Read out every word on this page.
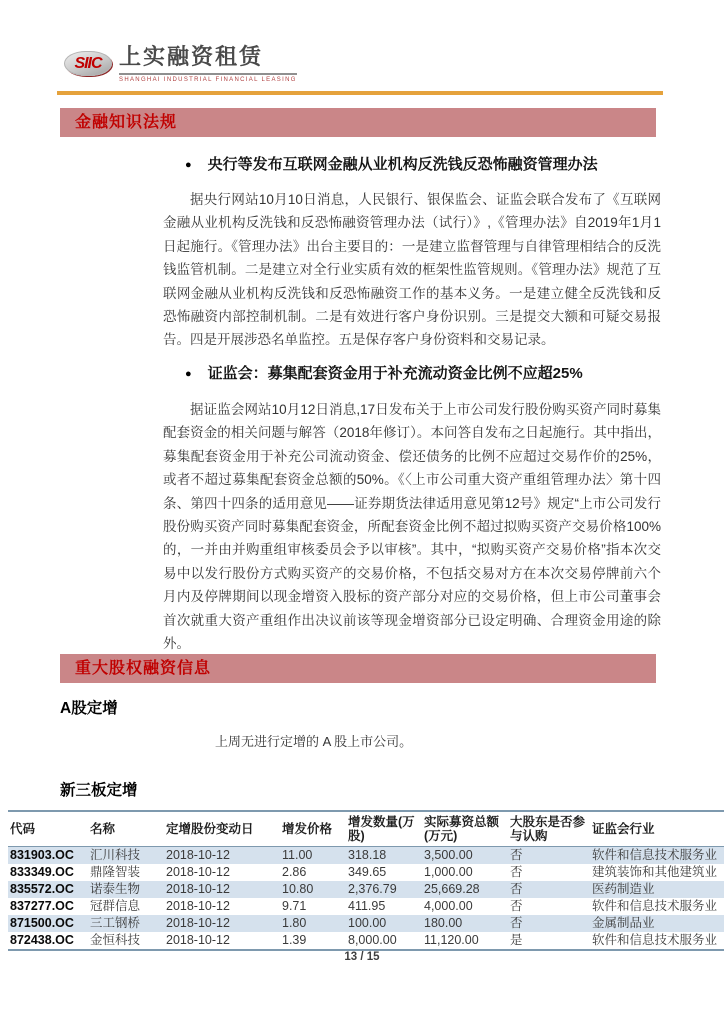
SIIC 上实融资租赁
SHANGHAI INDUSTRIAL FINANCIAL LEASING
金融知识法规
● 央行等发布互联网金融从业机构反洗钱反恐怖融资管理办法
据央行网站10月10日消息，人民银行、银保监会、证监会联合发布了《互联网金融从业机构反洗钱和反恐怖融资管理办法（试行）》,《管理办法》自2019年1月1日起施行。《管理办法》出台主要目的：一是建立监督管理与自律管理相结合的反洗钱监管机制。二是建立对全行业实质有效的框架性监管规则。《管理办法》规范了互联网金融从业机构反洗钱和反恐怖融资工作的基本义务。一是建立健全反洗钱和反恐怖融资内部控制机制。二是有效进行客户身份识别。三是提交大额和可疑交易报告。四是开展涉恐名单监控。五是保存客户身份资料和交易记录。
● 证监会：募集配套资金用于补充流动资金比例不应超25%
据证监会网站10月12日消息,17日发布关于上市公司发行股份购买资产同时募集配套资金的相关问题与解答（2018年修订）。本问答自发布之日起施行。其中指出，募集配套资金用于补充公司流动资金、偿还债务的比例不应超过交易作价的25%，或者不超过募集配套资金总额的50%。《〈上市公司重大资产重组管理办法〉第十四条、第四十四条的适用意见——证券期货法律适用意见第12号》规定“上市公司发行股份购买资产同时募集配套资金，所配套资金比例不超过拟购买资产交易价格100%的，一并由并购重组审核委员会予以审核”。其中，“拟购买资产交易价格”指本次交易中以发行股份方式购买资产的交易价格，不包括交易对方在本次交易停牌前六个月内及停牌期间以现金增资入股标的资产部分对应的交易价格，但上市公司董事会首次就重大资产重组作出决议前该等现金增资部分已设定明确、合理资金用途的除外。
重大股权融资信息
A股定增
上周无进行定增的 A 股上市公司。
新三板定增
代码	名称	定增股份变动日	增发价格	增发数量(万股)	实际募资总额(万元)	大股东是否参与认购	证监会行业
831903.OC	汇川科技	2018-10-12	11.00	318.18	3,500.00	否	软件和信息技术服务业
833349.OC	鼎隆智装	2018-10-12	2.86	349.65	1,000.00	否	建筑装饰和其他建筑业
835572.OC	诺泰生物	2018-10-12	10.80	2,376.79	25,669.28	否	医药制造业
837277.OC	冠群信息	2018-10-12	9.71	411.95	4,000.00	否	软件和信息技术服务业
871500.OC	三工钢桥	2018-10-12	1.80	100.00	180.00	否	金属制品业
872438.OC	金恒科技	2018-10-12	1.39	8,000.00	11,120.00	是	软件和信息技术服务业
13 / 15
